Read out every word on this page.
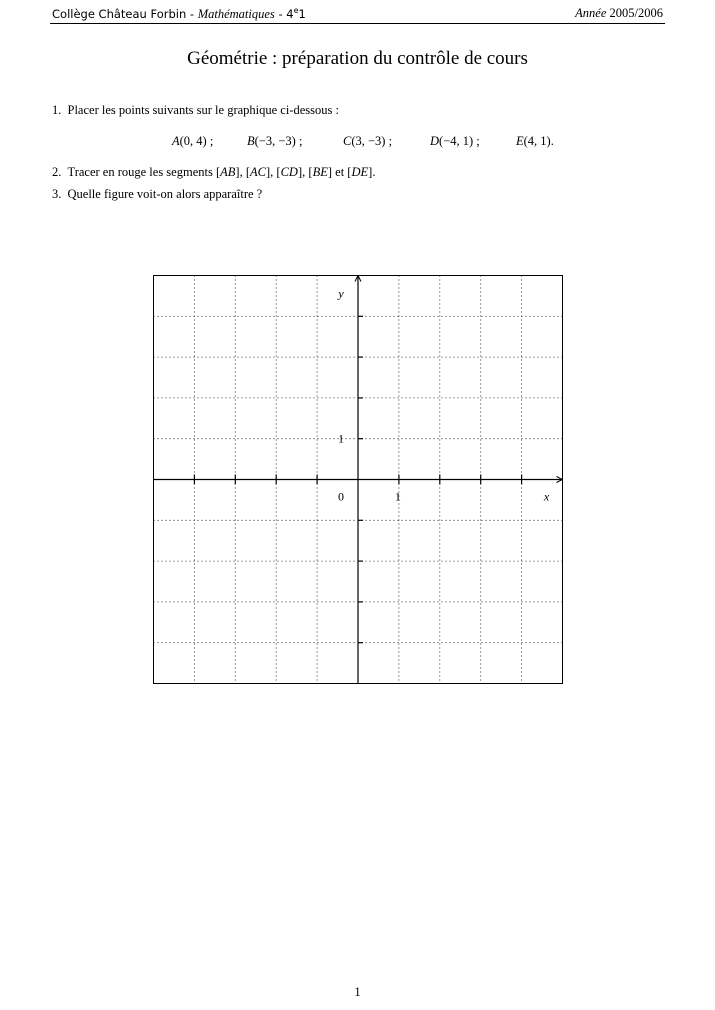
Collège Château Forbin - Mathématiques - 4e1	Année 2005/2006
Géométrie : préparation du contrôle de cours
1. Placer les points suivants sur le graphique ci-dessous :
A(0, 4) ;	B(−3, −3) ;	C(3, −3) ;	D(−4, 1) ;	E(4, 1).
2. Tracer en rouge les segments [AB], [AC], [CD], [BE] et [DE].
3. Quelle figure voit-on alors apparaître ?
y
x
0	1
1
1
